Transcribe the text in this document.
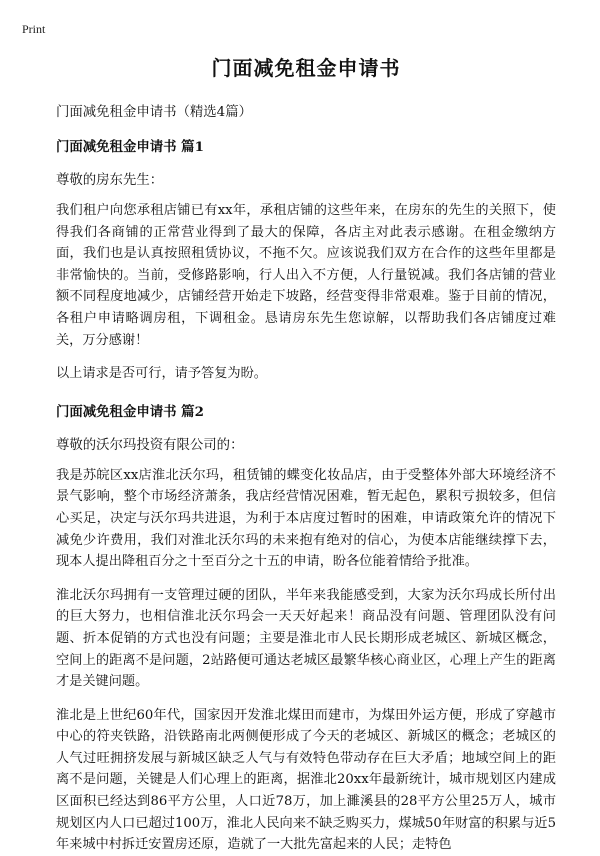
Print
门面减免租金申请书

门面减免租金申请书（精选4篇）

门面减免租金申请书 篇1

尊敬的房东先生：

我们租户向您承租店铺已有xx年，承租店铺的这些年来，在房东的先生的关照下，使得我们各商铺的正常营业得到了最大的保障，各店主对此表示感谢。在租金缴纳方面，我们也是认真按照租赁协议，不拖不欠。应该说我们双方在合作的这些年里都是非常愉快的。当前，受修路影响，行人出入不方便，人行量锐减。我们各店铺的营业额不同程度地减少，店铺经营开始走下坡路，经营变得非常艰难。鉴于目前的情况，各租户申请略调房租，下调租金。恳请房东先生您谅解，以帮助我们各店铺度过难关，万分感谢！

以上请求是否可行，请予答复为盼。

门面减免租金申请书 篇2

尊敬的沃尔玛投资有限公司的：

我是苏皖区xx店淮北沃尔玛，租赁铺的蝶变化妆品店，由于受整体外部大环境经济不景气影响，整个市场经济萧条，我店经营情况困难，暂无起色，累积亏损较多，但信心买足，决定与沃尔玛共进退，为利于本店度过暂时的困难，申请政策允许的情况下减免少许费用，我们对淮北沃尔玛的未来抱有绝对的信心，为使本店能继续撑下去，现本人提出降租百分之十至百分之十五的申请，盼各位能着情给予批准。

淮北沃尔玛拥有一支管理过硬的团队，半年来我能感受到，大家为沃尔玛成长所付出的巨大努力，也相信淮北沃尔玛会一天天好起来！商品没有问题、管理团队没有问题、折本促销的方式也没有问题；主要是淮北市人民长期形成老城区、新城区概念，空间上的距离不是问题，2站路便可通达老城区最繁华核心商业区，心理上产生的距离才是关键问题。

淮北是上世纪60年代，国家因开发淮北煤田而建市，为煤田外运方便，形成了穿越市中心的符夹铁路，沿铁路南北两侧便形成了今天的老城区、新城区的概念；老城区的人气过旺拥挤发展与新城区缺乏人气与有效特色带动存在巨大矛盾；地域空间上的距离不是问题，关键是人们心理上的距离，据淮北20xx年最新统计，城市规划区内建成区面积已经达到86平方公里，人口近78万，加上濉溪县的28平方公里25万人，城市规划区内人口已超过100万，淮北人民向来不缺乏购买力，煤城50年财富的积累与近5年来城中村拆迁安置房还原，造就了一大批先富起来的人民；走特色
